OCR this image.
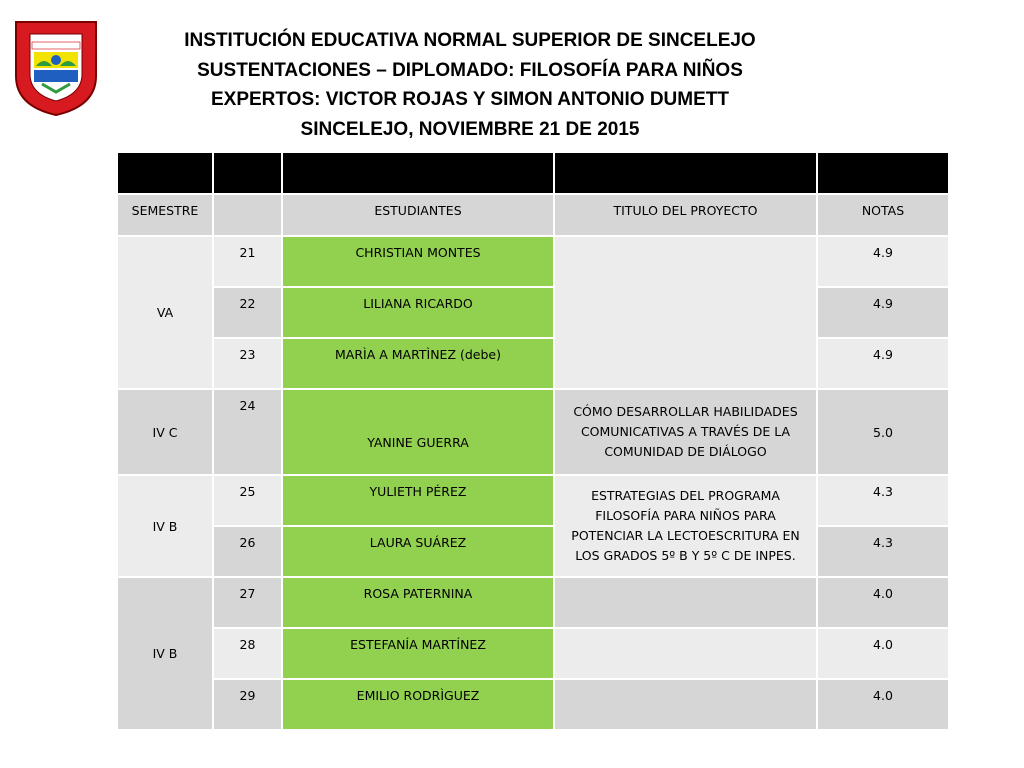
INSTITUCIÓN EDUCATIVA NORMAL SUPERIOR DE SINCELEJO
SUSTENTACIONES – DIPLOMADO: FILOSOFÍA PARA NIÑOS
EXPERTOS: VICTOR ROJAS Y SIMON ANTONIO DUMETT
SINCELEJO, NOVIEMBRE 21 DE 2015

SEMESTRE		ESTUDIANTES	TITULO DEL PROYECTO	NOTAS
VA	21	CHRISTIAN MONTES		4.9
	22	LILIANA RICARDO		4.9
	23	MARÌA A MARTÌNEZ (debe)		4.9
IV C	24	YANINE GUERRA	CÓMO DESARROLLAR HABILIDADES COMUNICATIVAS A TRAVÉS DE LA COMUNIDAD DE DIÁLOGO	5.0
IV B	25	YULIETH PÉREZ	ESTRATEGIAS DEL PROGRAMA FILOSOFÍA PARA NIÑOS PARA POTENCIAR LA LECTOESCRITURA EN LOS GRADOS 5º B Y 5º C DE INPES.	4.3
	26	LAURA SUÁREZ		4.3
IV B	27	ROSA PATERNINA		4.0
	28	ESTEFANÍA MARTÍNEZ		4.0
	29	EMILIO RODRÌGUEZ		4.0
